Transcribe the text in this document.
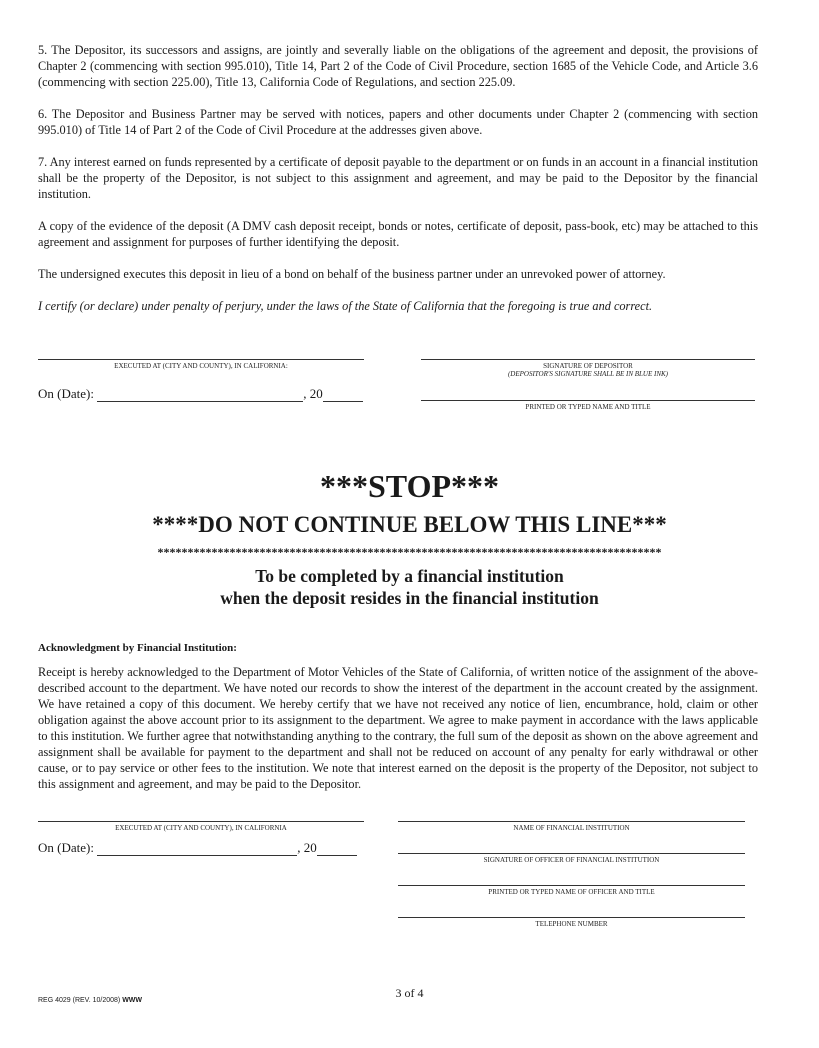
5. The Depositor, its successors and assigns, are jointly and severally liable on the obligations of the agreement and deposit, the provisions of Chapter 2 (commencing with section 995.010), Title 14, Part 2 of the Code of Civil Procedure, section 1685 of the Vehicle Code, and Article 3.6 (commencing with section 225.00), Title 13, California Code of Regulations, and section 225.09.

6. The Depositor and Business Partner may be served with notices, papers and other documents under Chapter 2 (commencing with section 995.010) of Title 14 of Part 2 of the Code of Civil Procedure at the addresses given above.

7. Any interest earned on funds represented by a certificate of deposit payable to the department or on funds in an account in a financial institution shall be the property of the Depositor, is not subject to this assignment and agreement, and may be paid to the Depositor by the financial institution.

A copy of the evidence of the deposit (A DMV cash deposit receipt, bonds or notes, certificate of deposit, pass-book, etc) may be attached to this agreement and assignment for purposes of further identifying the deposit.

The undersigned executes this deposit in lieu of a bond on behalf of the business partner under an unrevoked power of attorney.

I certify (or declare) under penalty of perjury, under the laws of the State of California that the foregoing is true and correct.

EXECUTED AT (CITY AND COUNTY), IN CALIFORNIA:	SIGNATURE OF DEPOSITOR
(DEPOSITOR'S SIGNATURE SHALL BE IN BLUE INK)
On (Date):	, 20
PRINTED OR TYPED NAME AND TITLE
***STOP***
****DO NOT CONTINUE BELOW THIS LINE***
************************************************************************************
To be completed by a financial institution
when the deposit resides in the financial institution
Acknowledgment by Financial Institution:

Receipt is hereby acknowledged to the Department of Motor Vehicles of the State of California, of written notice of the assignment of the above-described account to the department. We have noted our records to show the interest of the department in the account created by the assignment. We have retained a copy of this document. We hereby certify that we have not received any notice of lien, encumbrance, hold, claim or other obligation against the above account prior to its assignment to the department. We agree to make payment in accordance with the laws applicable to this institution. We further agree that notwithstanding anything to the contrary, the full sum of the deposit as shown on the above agreement and assignment shall be available for payment to the department and shall not be reduced on account of any penalty for early withdrawal or other cause, or to pay service or other fees to the institution. We note that interest earned on the deposit is the property of the Depositor, not subject to this assignment and agreement, and may be paid to the Depositor.

EXECUTED AT (CITY AND COUNTY), IN CALIFORNIA	NAME OF FINANCIAL INSTITUTION
On (Date):	, 20
SIGNATURE OF OFFICER OF FINANCIAL INSTITUTION
PRINTED OR TYPED NAME OF OFFICER AND TITLE
TELEPHONE NUMBER
REG 4029 (REV. 10/2008) WWW
3 of 4
